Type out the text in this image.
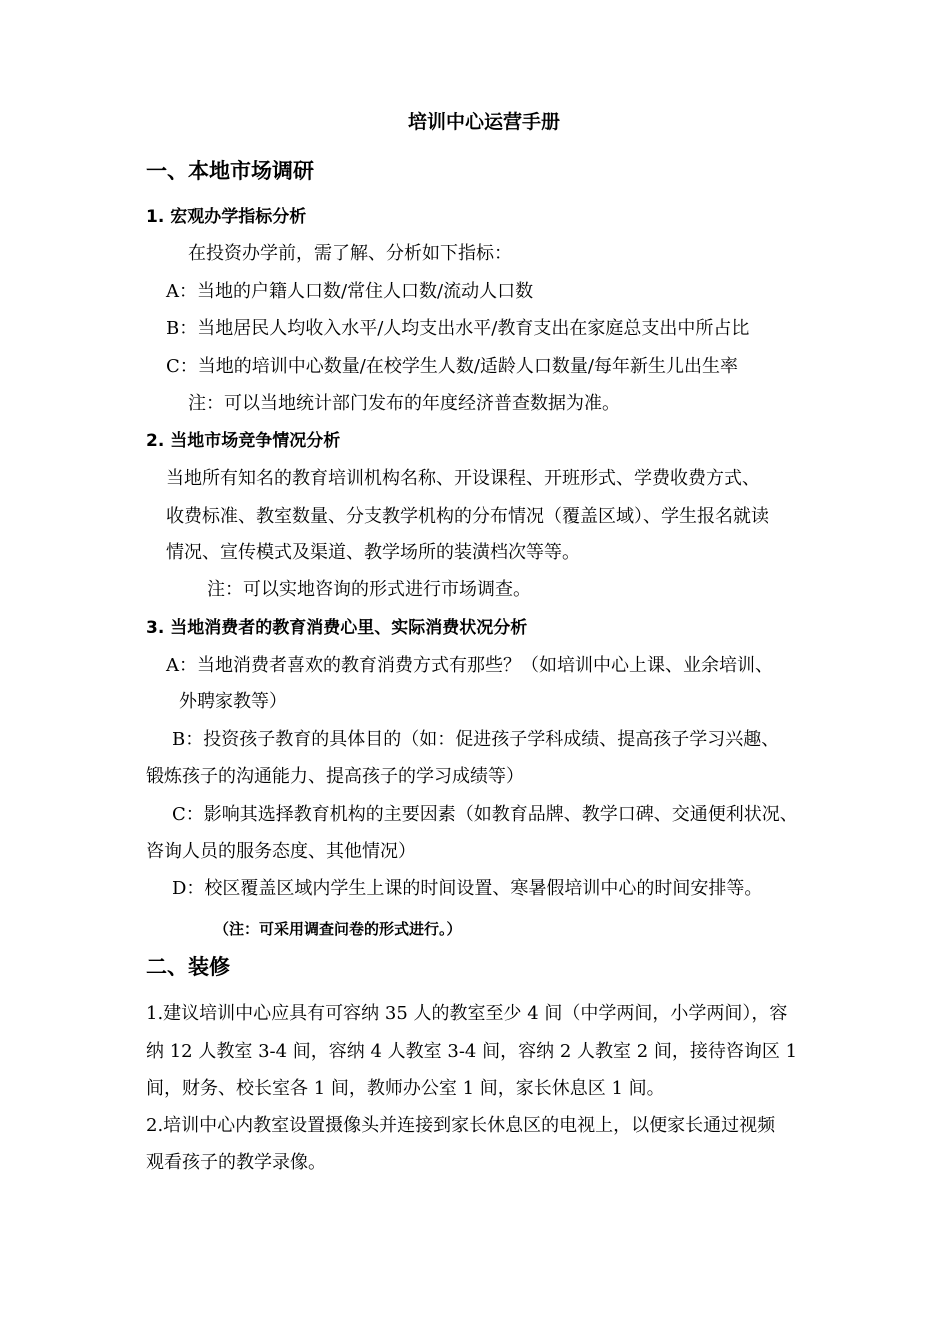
培训中心运营手册
一、本地市场调研
1. 宏观办学指标分析
在投资办学前，需了解、分析如下指标：
A：当地的户籍人口数/常住人口数/流动人口数
B：当地居民人均收入水平/人均支出水平/教育支出在家庭总支出中所占比
C：当地的培训中心数量/在校学生人数/适龄人口数量/每年新生儿出生率
注：可以当地统计部门发布的年度经济普查数据为准。
2. 当地市场竞争情况分析
当地所有知名的教育培训机构名称、开设课程、开班形式、学费收费方式、
收费标准、教室数量、分支教学机构的分布情况（覆盖区域）、学生报名就读
情况、宣传模式及渠道、教学场所的装潢档次等等。
注：可以实地咨询的形式进行市场调查。
3. 当地消费者的教育消费心里、实际消费状况分析
A：当地消费者喜欢的教育消费方式有那些？（如培训中心上课、业余培训、
外聘家教等）
B：投资孩子教育的具体目的（如：促进孩子学科成绩、提高孩子学习兴趣、
锻炼孩子的沟通能力、提高孩子的学习成绩等）
C：影响其选择教育机构的主要因素（如教育品牌、教学口碑、交通便利状况、
咨询人员的服务态度、其他情况）
D：校区覆盖区域内学生上课的时间设置、寒暑假培训中心的时间安排等。
（注：可采用调查问卷的形式进行。）
二、装修
1.建议培训中心应具有可容纳 35 人的教室至少 4 间（中学两间，小学两间），容
纳 12 人教室 3-4 间，容纳 4 人教室 3-4 间，容纳 2 人教室 2 间，接待咨询区 1
间，财务、校长室各 1 间，教师办公室 1 间，家长休息区 1 间。
2.培训中心内教室设置摄像头并连接到家长休息区的电视上，以便家长通过视频
观看孩子的教学录像。
